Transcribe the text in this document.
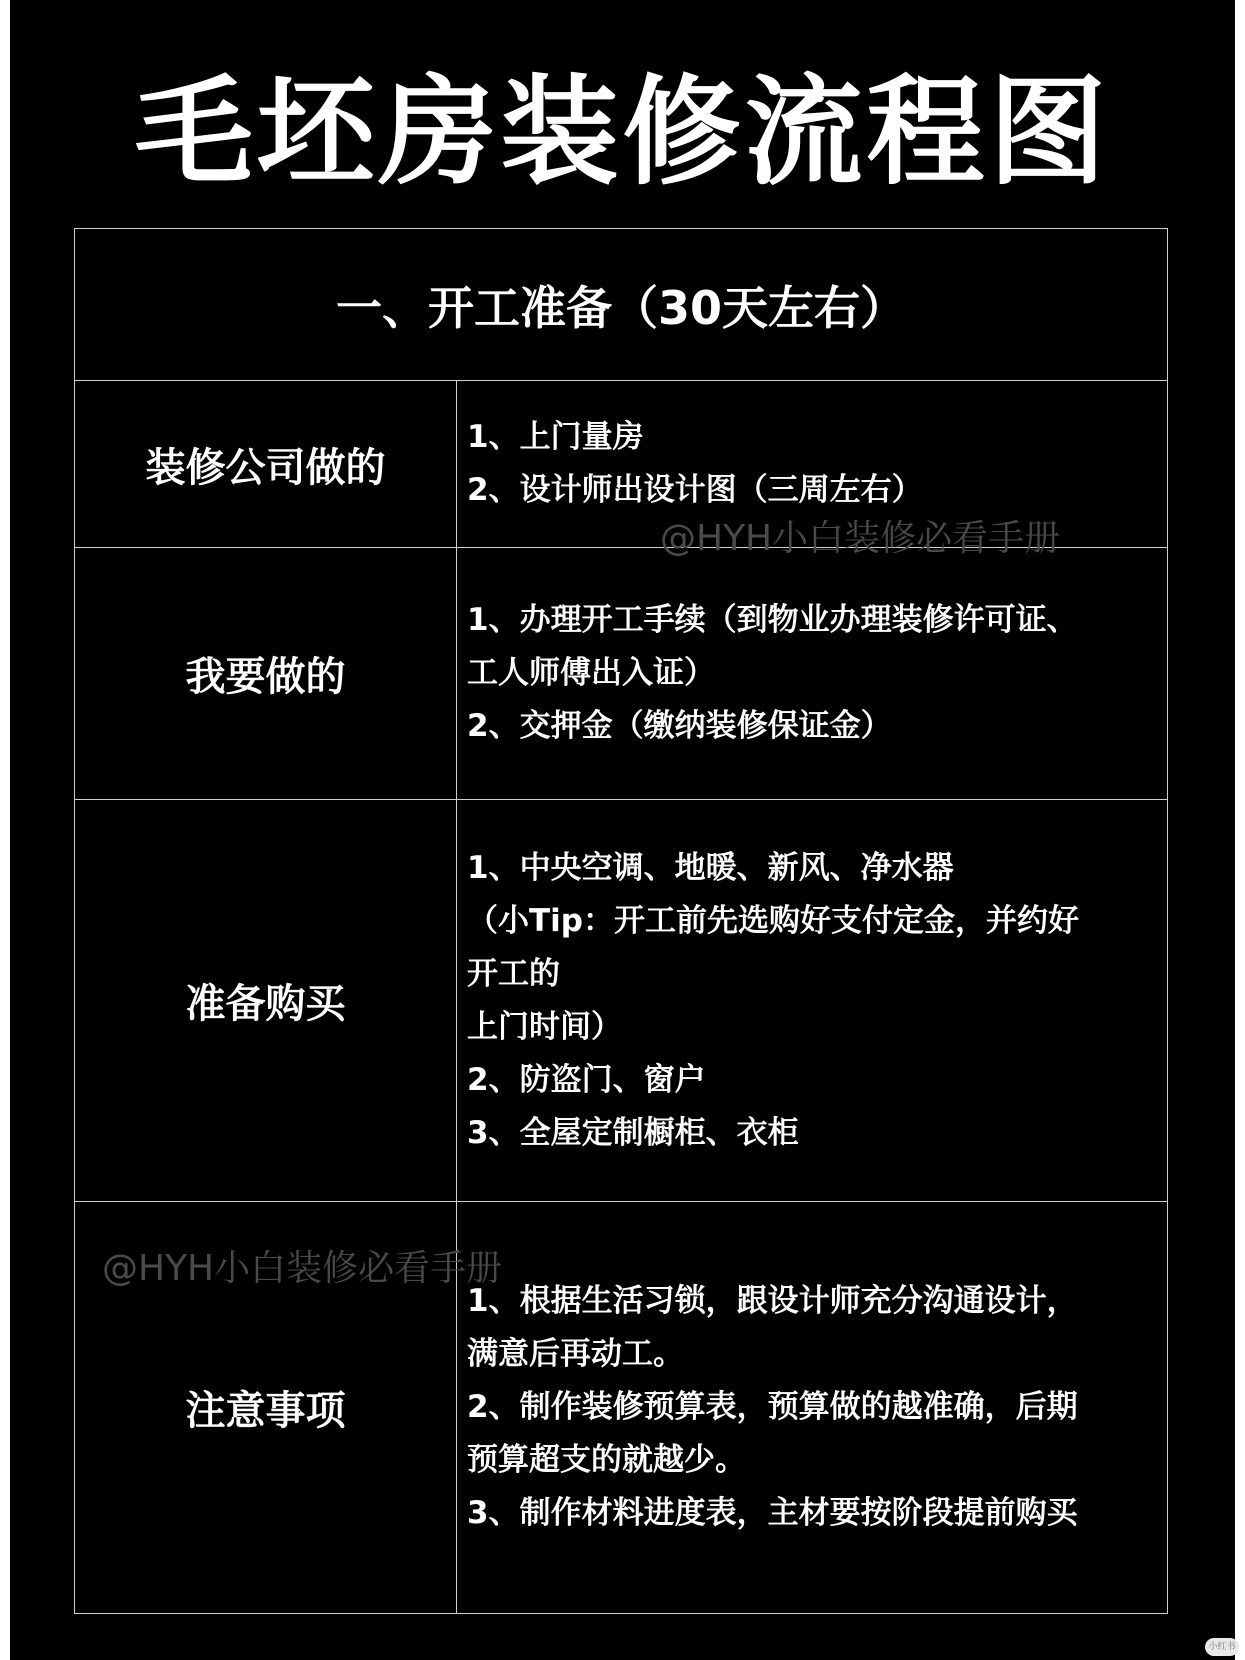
毛坯房装修流程图
一、开工准备（30天左右）
装修公司做的
1、上门量房
2、设计师出设计图（三周左右）
我要做的
1、办理开工手续（到物业办理装修许可证、
工人师傅出入证）
2、交押金（缴纳装修保证金）
准备购买
1、中央空调、地暖、新风、净水器
（小Tip：开工前先选购好支付定金，并约好
开工的
上门时间）
2、防盗门、窗户
3、全屋定制橱柜、衣柜
注意事项
1、根据生活习锁，跟设计师充分沟通设计，
满意后再动工。
2、制作装修预算表，预算做的越准确，后期
预算超支的就越少。
3、制作材料进度表，主材要按阶段提前购买
@HYH小白装修必看手册
@HYH小白装修必看手册
小红书
